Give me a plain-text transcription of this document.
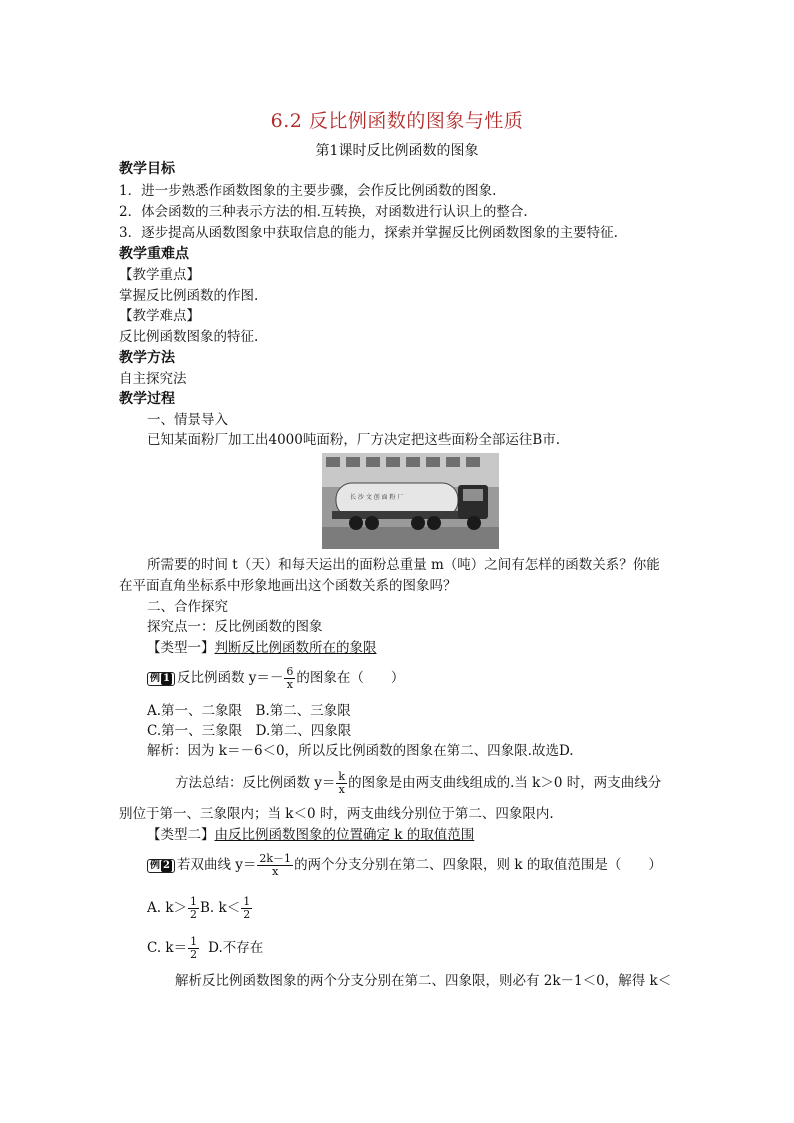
6.2 反比例函数的图象与性质
第1课时反比例函数的图象
教学目标
1．进一步熟悉作函数图象的主要步骤，会作反比例函数的图象.
2．体会函数的三种表示方法的相.互转换，对函数进行认识上的整合.
3．逐步提高从函数图象中获取信息的能力，探索并掌握反比例函数图象的主要特征.
教学重难点
【教学重点】
掌握反比例函数的作图.
【教学难点】
反比例函数图象的特征.
教学方法
自主探究法
教学过程
一、情景导入
已知某面粉厂加工出4000吨面粉，厂方决定把这些面粉全部运往B市.
长 沙 文 创 面 粉 厂
所需要的时间 t（天）和每天运出的面粉总重量 m（吨）之间有怎样的函数关系？你能
在平面直角坐标系中形象地画出这个函数关系的图象吗？
二、合作探究
探究点一：反比例函数的图象
【类型一】判断反比例函数所在的象限
例 1 反比例函数 $y=- \frac{6}{x}$ 的图象在（　　）
A.第一、二象限　B.第二、三象限
C.第一、三象限　D.第二、四象限
解析：因为 k＝－6＜0，所以反比例函数的图象在第二、四象限.故选D.
方法总结：反比例函数 $y= \frac{k}{x}$ 的图象是由两支曲线组成的.当 k＞0 时，两支曲线分
别位于第一、三象限内；当 k＜0 时，两支曲线分别位于第二、四象限内.
【类型二】由反比例函数图象的位置确定 k 的取值范围
例 2 若双曲线 $y= \frac{2k-1}{x}$ 的两个分支分别在第二、四象限，则 k 的取值范围是（　　）
A. $k> \frac{1}{2} B$. $k< \frac{1}{2}$
C. $k= \frac{1}{2} D$.不存在
解析反比例函数图象的两个分支分别在第二、四象限，则必有 2k－1＜0，解得 k＜
